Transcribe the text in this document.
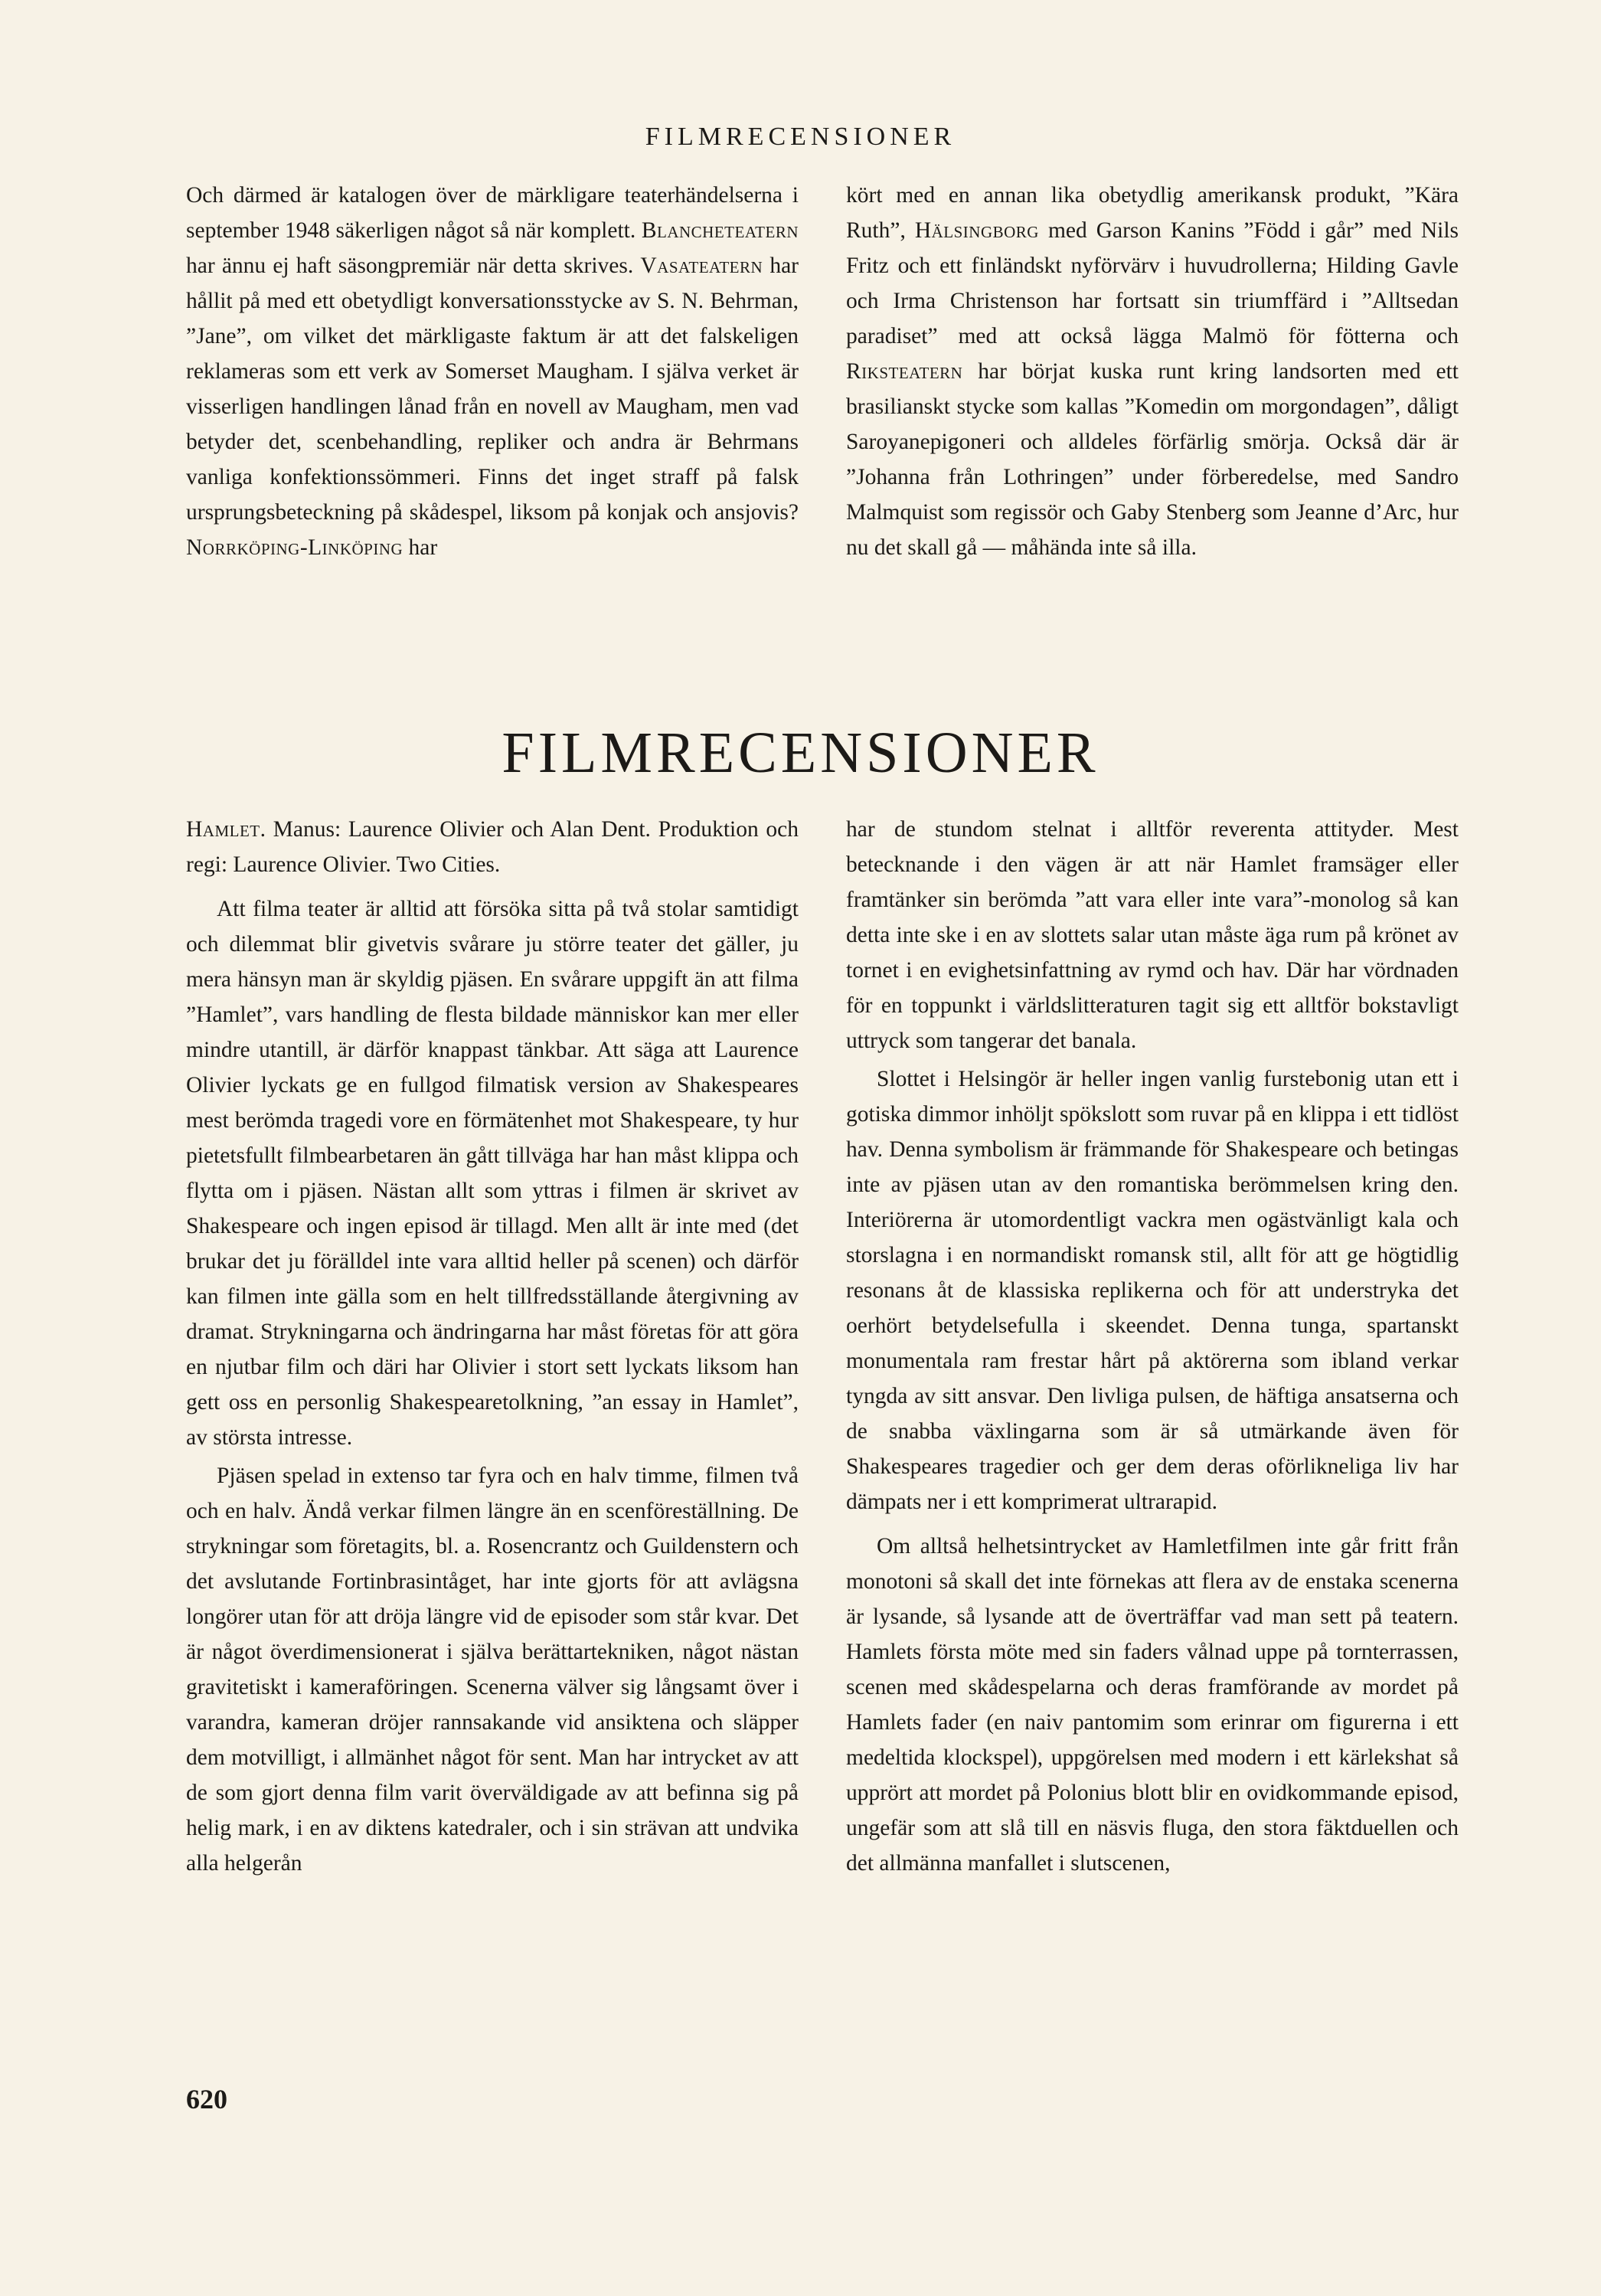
FILMRECENSIONER

Och därmed är katalogen över de märkligare teaterhändelserna i september 1948 säkerligen något så när komplett. Blancheteatern har ännu ej haft säsongpremiär när detta skrives. Vasateatern har hållit på med ett obetydligt konversationsstycke av S. N. Behrman, ”Jane”, om vilket det märkligaste faktum är att det falskeligen reklameras som ett verk av Somerset Maugham. I själva verket är visserligen handlingen lånad från en novell av Maugham, men vad betyder det, scenbehandling, repliker och andra är Behrmans vanliga konfektionssömmeri. Finns det inget straff på falsk ursprungsbeteckning på skådespel, liksom på konjak och ansjovis? Norrköping-Linköping har

kört med en annan lika obetydlig amerikansk produkt, ”Kära Ruth”, Hälsingborg med Garson Kanins ”Född i går” med Nils Fritz och ett finländskt nyförvärv i huvudrollerna; Hilding Gavle och Irma Christenson har fortsatt sin triumffärd i ”Alltsedan paradiset” med att också lägga Malmö för fötterna och Riksteatern har börjat kuska runt kring landsorten med ett brasilianskt stycke som kallas ”Komedin om morgondagen”, dåligt Saroyanepigoneri och alldeles förfärlig smörja. Också där är ”Johanna från Lothringen” under förberedelse, med Sandro Malmquist som regissör och Gaby Stenberg som Jeanne d’Arc, hur nu det skall gå — måhända inte så illa.

FILMRECENSIONER

Hamlet. Manus: Laurence Olivier och Alan Dent. Produktion och regi: Laurence Olivier. Two Cities.

Att filma teater är alltid att försöka sitta på två stolar samtidigt och dilemmat blir givetvis svårare ju större teater det gäller, ju mera hänsyn man är skyldig pjäsen. En svårare uppgift än att filma ”Hamlet”, vars handling de flesta bildade människor kan mer eller mindre utantill, är därför knappast tänkbar. Att säga att Laurence Olivier lyckats ge en fullgod filmatisk version av Shakespeares mest berömda tragedi vore en förmätenhet mot Shakespeare, ty hur pietetsfullt filmbearbetaren än gått tillväga har han måst klippa och flytta om i pjäsen. Nästan allt som yttras i filmen är skrivet av Shakespeare och ingen episod är tillagd. Men allt är inte med (det brukar det ju förälldel inte vara alltid heller på scenen) och därför kan filmen inte gälla som en helt tillfredsställande återgivning av dramat. Strykningarna och ändringarna har måst företas för att göra en njutbar film och däri har Olivier i stort sett lyckats liksom han gett oss en personlig Shakespearetolkning, ”an essay in Hamlet”, av största intresse.

Pjäsen spelad in extenso tar fyra och en halv timme, filmen två och en halv. Ändå verkar filmen längre än en scenföreställning. De strykningar som företagits, bl. a. Rosencrantz och Guildenstern och det avslutande Fortinbrasintåget, har inte gjorts för att avlägsna longörer utan för att dröja längre vid de episoder som står kvar. Det är något överdimensionerat i själva berättartekniken, något nästan gravitetiskt i kameraföringen. Scenerna välver sig långsamt över i varandra, kameran dröjer rannsakande vid ansiktena och släpper dem motvilligt, i allmänhet något för sent. Man har intrycket av att de som gjort denna film varit överväldigade av att befinna sig på helig mark, i en av diktens katedraler, och i sin strävan att undvika alla helgerån

har de stundom stelnat i alltför reverenta attityder. Mest betecknande i den vägen är att när Hamlet framsäger eller framtänker sin berömda ”att vara eller inte vara”-monolog så kan detta inte ske i en av slottets salar utan måste äga rum på krönet av tornet i en evighetsinfattning av rymd och hav. Där har vördnaden för en toppunkt i världslitteraturen tagit sig ett alltför bokstavligt uttryck som tangerar det banala.

Slottet i Helsingör är heller ingen vanlig furstebonig utan ett i gotiska dimmor inhöljt spökslott som ruvar på en klippa i ett tidlöst hav. Denna symbolism är främmande för Shakespeare och betingas inte av pjäsen utan av den romantiska berömmelsen kring den. Interiörerna är utomordentligt vackra men ogästvänligt kala och storslagna i en normandiskt romansk stil, allt för att ge högtidlig resonans åt de klassiska replikerna och för att understryka det oerhört betydelsefulla i skeendet. Denna tunga, spartanskt monumentala ram frestar hårt på aktörerna som ibland verkar tyngda av sitt ansvar. Den livliga pulsen, de häftiga ansatserna och de snabba växlingarna som är så utmärkande även för Shakespeares tragedier och ger dem deras oförlikneliga liv har dämpats ner i ett komprimerat ultrarapid.

Om alltså helhetsintrycket av Hamletfilmen inte går fritt från monotoni så skall det inte förnekas att flera av de enstaka scenerna är lysande, så lysande att de överträffar vad man sett på teatern. Hamlets första möte med sin faders vålnad uppe på tornterrassen, scenen med skådespelarna och deras framförande av mordet på Hamlets fader (en naiv pantomim som erinrar om figurerna i ett medeltida klockspel), uppgörelsen med modern i ett kärlekshat så upprört att mordet på Polonius blott blir en ovidkommande episod, ungefär som att slå till en näsvis fluga, den stora fäktduellen och det allmänna manfallet i slutscenen,

620
